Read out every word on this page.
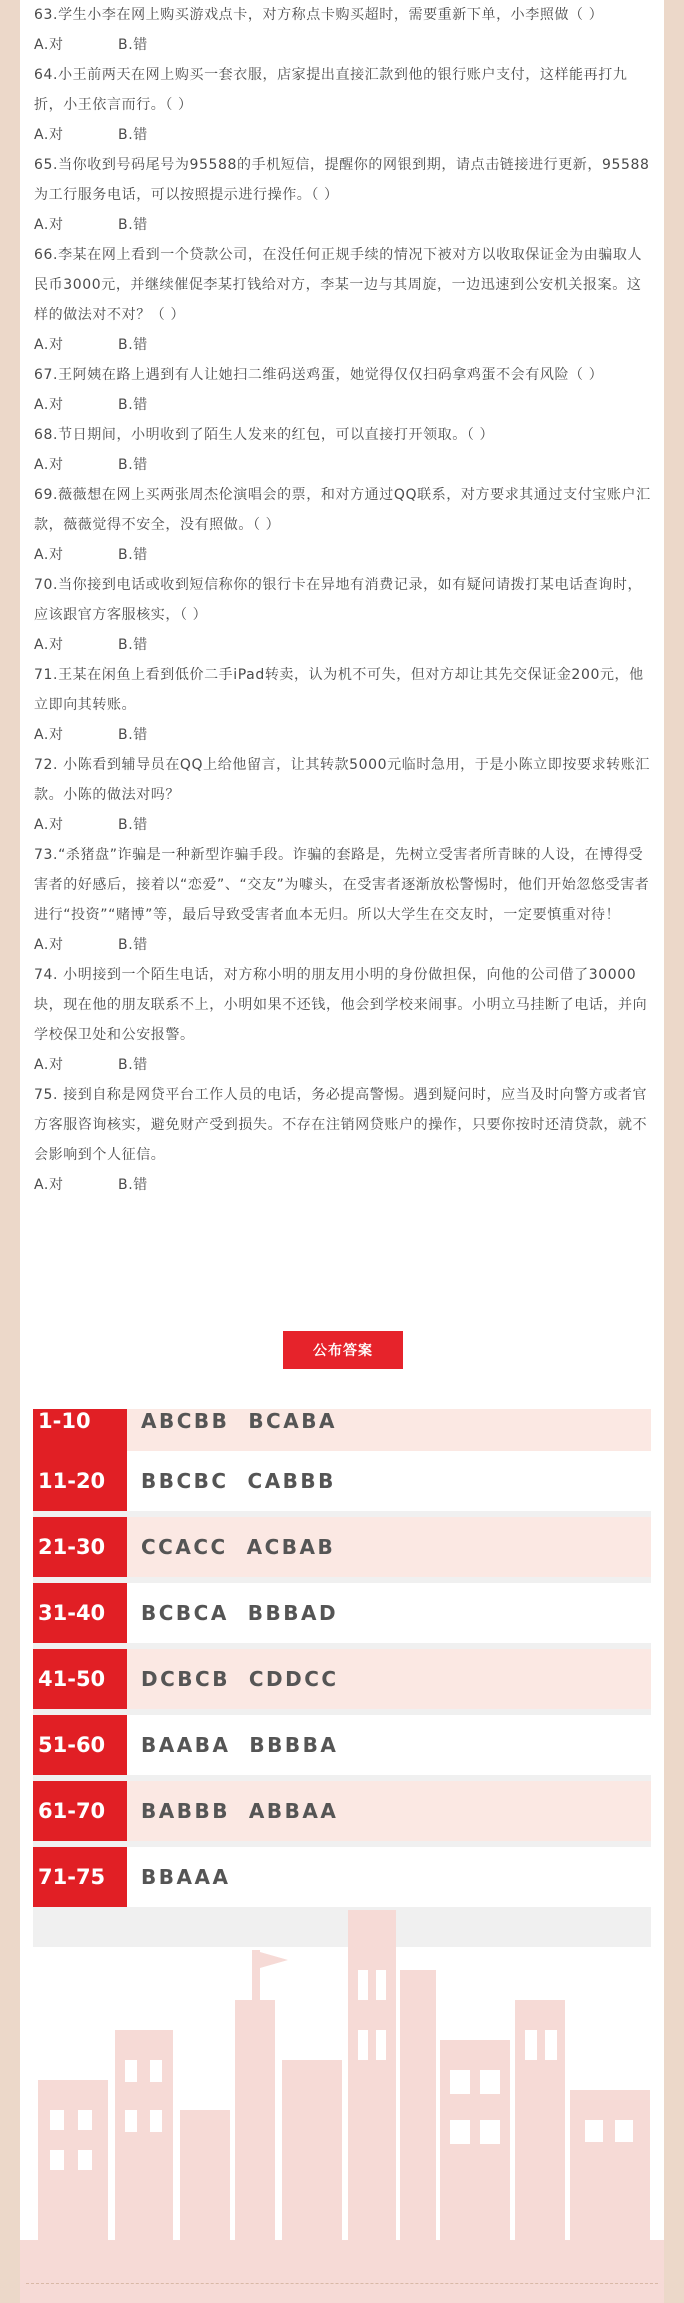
63.学生小李在网上购买游戏点卡，对方称点卡购买超时，需要重新下单，小李照做（ ）

A.对	B.错

64.小王前两天在网上购买一套衣服，店家提出直接汇款到他的银行账户支付，这样能再打九折，小王依言而行。（ ）

A.对	B.错

65.当你收到号码尾号为95588的手机短信，提醒你的网银到期，请点击链接进行更新，95588为工行服务电话，可以按照提示进行操作。（ ）

A.对	B.错

66.李某在网上看到一个贷款公司，在没任何正规手续的情况下被对方以收取保证金为由骗取人民币3000元，并继续催促李某打钱给对方，李某一边与其周旋，一边迅速到公安机关报案。这样的做法对不对？（ ）

A.对	B.错

67.王阿姨在路上遇到有人让她扫二维码送鸡蛋，她觉得仅仅扫码拿鸡蛋不会有风险（ ）

A.对	B.错

68.节日期间，小明收到了陌生人发来的红包，可以直接打开领取。（ ）

A.对	B.错

69.薇薇想在网上买两张周杰伦演唱会的票，和对方通过QQ联系，对方要求其通过支付宝账户汇款，薇薇觉得不安全，没有照做。（ ）

A.对	B.错

70.当你接到电话或收到短信称你的银行卡在异地有消费记录，如有疑问请拨打某电话查询时，应该跟官方客服核实，（ ）

A.对	B.错

71.王某在闲鱼上看到低价二手iPad转卖，认为机不可失，但对方却让其先交保证金200元，他立即向其转账。

A.对	B.错

72. 小陈看到辅导员在QQ上给他留言，让其转款5000元临时急用，于是小陈立即按要求转账汇款。小陈的做法对吗？

A.对	B.错

73.“杀猪盘”诈骗是一种新型诈骗手段。诈骗的套路是，先树立受害者所青睐的人设，在博得受害者的好感后，接着以“恋爱”、“交友”为噱头，在受害者逐渐放松警惕时，他们开始忽悠受害者进行“投资”“赌博”等，最后导致受害者血本无归。所以大学生在交友时，一定要慎重对待！

A.对	B.错

74. 小明接到一个陌生电话，对方称小明的朋友用小明的身份做担保，向他的公司借了30000块，现在他的朋友联系不上，小明如果不还钱，他会到学校来闹事。小明立马挂断了电话，并向学校保卫处和公安报警。

A.对	B.错

75. 接到自称是网贷平台工作人员的电话，务必提高警惕。遇到疑问时，应当及时向警方或者官方客服咨询核实，避免财产受到损失。不存在注销网贷账户的操作，只要你按时还清贷款，就不会影响到个人征信。

A.对	B.错
公布答案
1-10	ABCBB  BCABA
11-20	BBCBC  CABBB
21-30	CCACC  ACBAB
31-40	BCBCA  BBBAD
41-50	DCBCB  CDDCC
51-60	BAABA  BBBBA
61-70	BABBB  ABBAA
71-75	BBAAA
